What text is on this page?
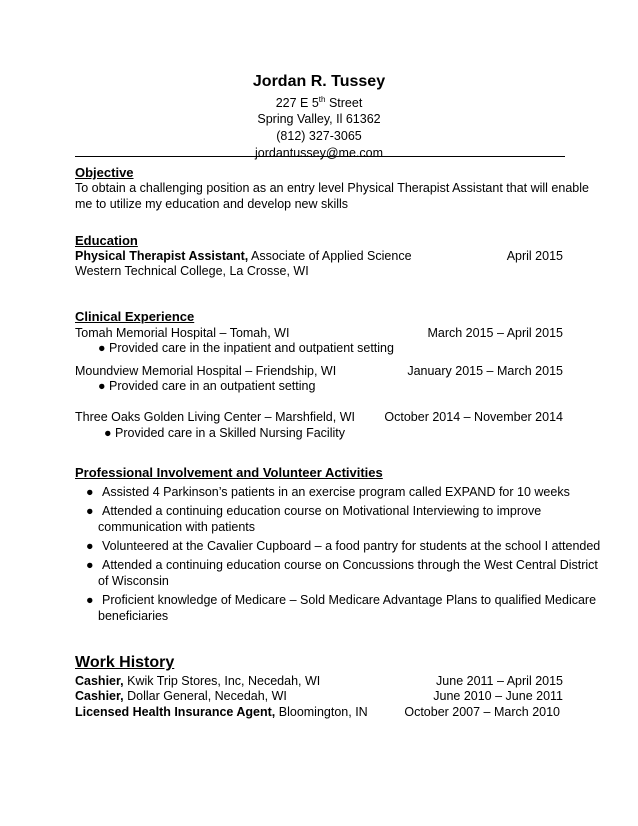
Jordan R. Tussey
227 E 5th Street
Spring Valley, Il 61362
(812) 327-3065
jordantussey@me.com
Objective
To obtain a challenging position as an entry level Physical Therapist Assistant that will enable
me to utilize my education and develop new skills
Education
Physical Therapist Assistant, Associate of Applied Science	April 2015
Western Technical College, La Crosse, WI
Clinical Experience
Tomah Memorial Hospital – Tomah, WI	March 2015 – April 2015
● Provided care in the inpatient and outpatient setting
Moundview Memorial Hospital – Friendship, WI	January 2015 – March 2015
● Provided care in an outpatient setting
Three Oaks Golden Living Center – Marshfield, WI October 2014 – November 2014
● Provided care in a Skilled Nursing Facility
Professional Involvement and Volunteer Activities
● Assisted 4 Parkinson’s patients in an exercise program called EXPAND for 10 weeks
● Attended a continuing education course on Motivational Interviewing to improve
communication with patients
● Volunteered at the Cavalier Cupboard – a food pantry for students at the school I attended
● Attended a continuing education course on Concussions through the West Central District
of Wisconsin
● Proficient knowledge of Medicare – Sold Medicare Advantage Plans to qualified Medicare
beneficiaries
Work History
Cashier, Kwik Trip Stores, Inc, Necedah, WI	June 2011 – April 2015
Cashier, Dollar General, Necedah, WI	June 2010 – June 2011
Licensed Health Insurance Agent, Bloomington, IN	October 2007 – March 2010
